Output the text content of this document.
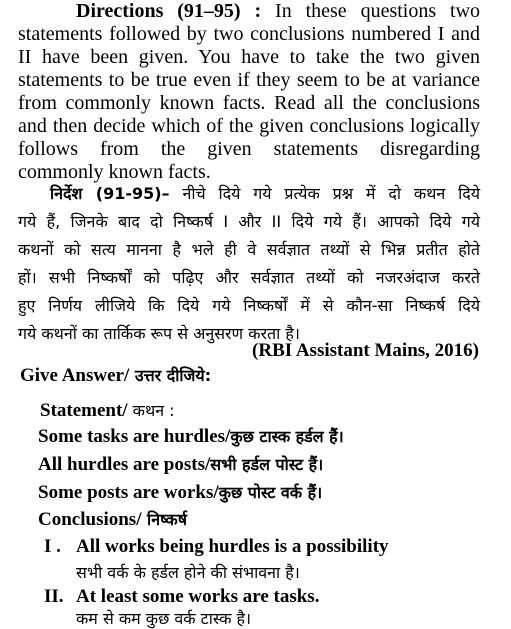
Directions (91–95) : In these questions two
statements followed by two conclusions numbered I and
II have been given. You have to take the two given
statements to be true even if they seem to be at variance
from commonly known facts. Read all the conclusions
and then decide which of the given conclusions logically
follows from the given statements disregarding
commonly known facts.
निर्देश (91-95)– नीचे दिये गये प्रत्येक प्रश्न में दो कथन दिये
गये हैं, जिनके बाद दो निष्कर्ष I और II दिये गये हैं। आपको दिये गये
कथनों को सत्य मानना है भले ही वे सर्वज्ञात तथ्यों से भिन्न प्रतीत होते
हों। सभी निष्कर्षों को पढ़िए और सर्वज्ञात तथ्यों को नजरअंदाज करते
हुए निर्णय लीजिये कि दिये गये निष्कर्षों में से कौन-सा निष्कर्ष दिये
गये कथनों का तार्किक रूप से अनुसरण करता है।
(RBI Assistant Mains, 2016)
Give Answer/ उत्तर दीजिये:
Statement/ कथन :
Some tasks are hurdles/कुछ टास्क हर्डल हैं।
All hurdles are posts/सभी हर्डल पोस्ट हैं।
Some posts are works/कुछ पोस्ट वर्क हैं।
Conclusions/ निष्कर्ष
I . All works being hurdles is a possibility
सभी वर्क के हर्डल होने की संभावना है।
II. At least some works are tasks.
कम से कम कुछ वर्क टास्क है।
